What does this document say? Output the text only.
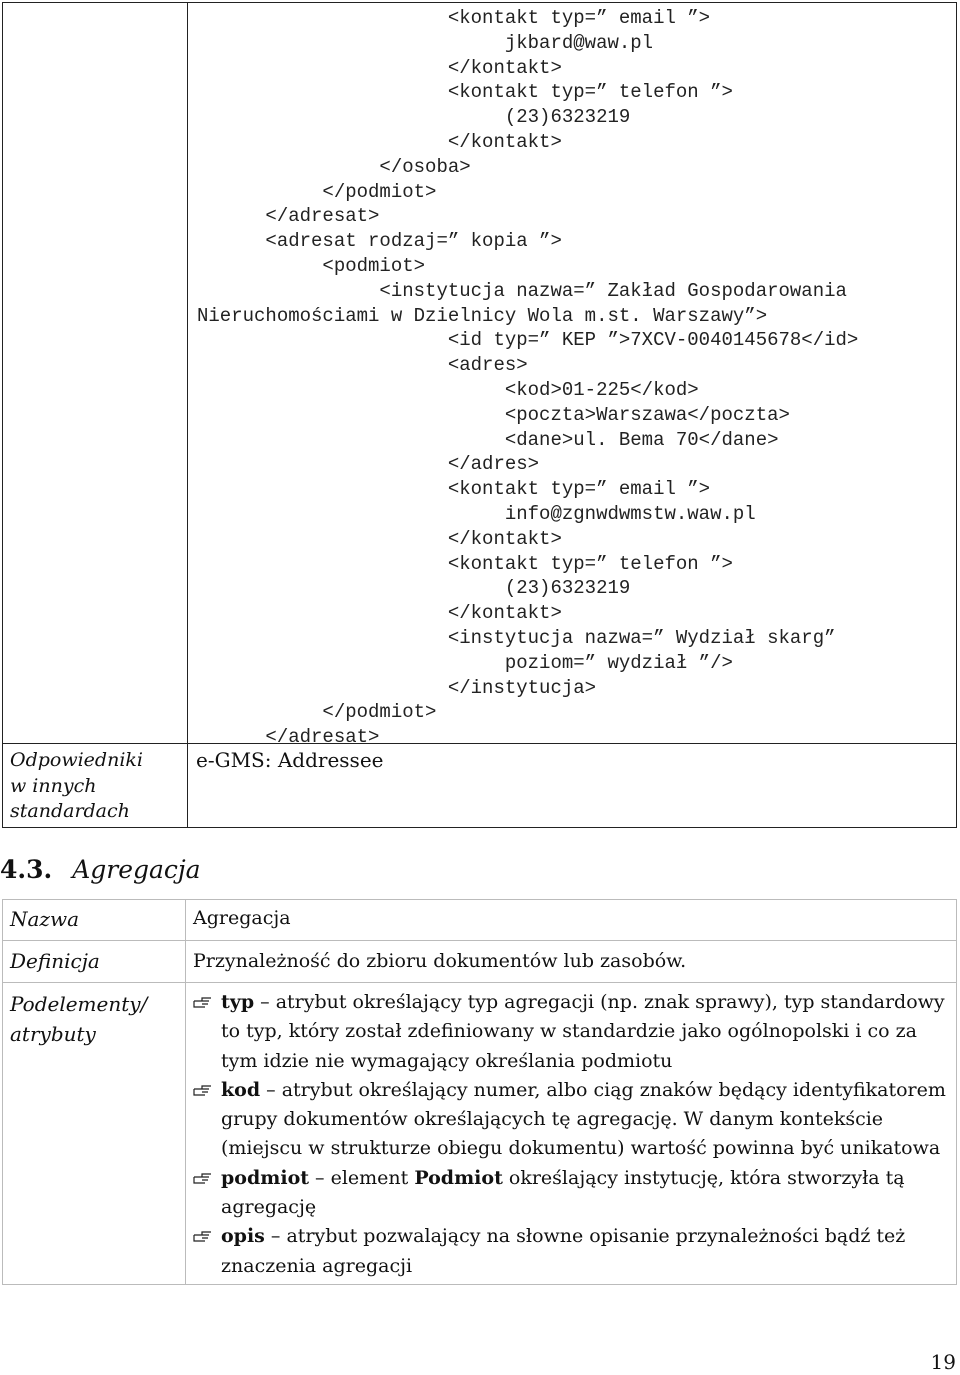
<kontakt typ=” email ”>
jkbard@waw.pl
</kontakt>
<kontakt typ=” telefon ”>
(23)6323219
</kontakt>
</osoba>
</podmiot>
</adresat>
<adresat rodzaj=” kopia ”>
<podmiot>
<instytucja nazwa=” Zakład Gospodarowania
Nieruchomościami w Dzielnicy Wola m.st. Warszawy”>
<id typ=” KEP ”>7XCV-0040145678</id>
<adres>
<kod>01-225</kod>
<poczta>Warszawa</poczta>
<dane>ul. Bema 70</dane>
</adres>
<kontakt typ=” email ”>
info@zgnwdwmstw.waw.pl
</kontakt>
<kontakt typ=” telefon ”>
(23)6323219
</kontakt>
<instytucja nazwa=” Wydział skarg”
poziom=” wydział ”/>
</instytucja>
</podmiot>
</adresat>

Odpowiedniki
w innych
standardach
e-GMS: Addressee
4.3. Agregacja
Nazwa	Agregacja
Definicja	Przynależność do zbioru dokumentów lub zasobów.
Podelementy/
atrybuty
typ – atrybut określający typ agregacji (np. znak sprawy), typ standardowy to typ, który został zdefiniowany w standardzie jako ogólnopolski i co za tym idzie nie wymagający określania podmiotu
kod – atrybut określający numer, albo ciąg znaków będący identyfikatorem grupy dokumentów określających tę agregację. W danym kontekście (miejscu w strukturze obiegu dokumentu) wartość powinna być unikatowa
podmiot – element Podmiot określający instytucję, która stworzyła tą agregację
opis – atrybut pozwalający na słowne opisanie przynależności bądź też znaczenia agregacji
19
